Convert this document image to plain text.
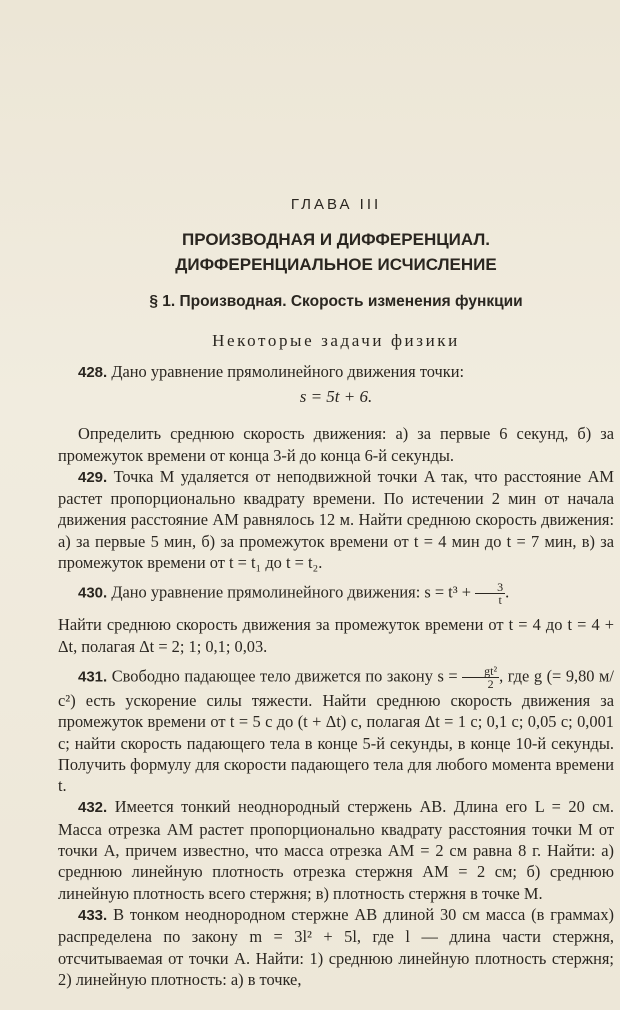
ГЛАВА III
ПРОИЗВОДНАЯ И ДИФФЕРЕНЦИАЛ.
ДИФФЕРЕНЦИАЛЬНОЕ ИСЧИСЛЕНИЕ
§ 1. Производная. Скорость изменения функции
Некоторые задачи физики

428. Дано уравнение прямолинейного движения точки:

s = 5t + 6.

Определить среднюю скорость движения: а) за первые 6 секунд, б) за промежуток времени от конца 3-й до конца 6-й секунды.

429. Точка M удаляется от неподвижной точки A так, что расстояние AM растет пропорционально квадрату времени. По истечении 2 мин от начала движения расстояние AM равнялось 12 м. Найти среднюю скорость движения: а) за первые 5 мин, б) за промежуток времени от t = 4 мин до t = 7 мин, в) за промежуток времени от t = t₁ до t = t₂.

430. Дано уравнение прямолинейного движения: $s = t^3 + \frac{3}{t}$ .

Найти среднюю скорость движения за промежуток времени от t = 4 до t = 4 + Δt, полагая Δt = 2; 1; 0,1; 0,03.

431. Свободно падающее тело движется по закону $s = \frac{\text{gt²}}{2}$ , где g (= 9,80 м/с²) есть ускорение силы тяжести. Найти среднюю скорость движения за промежуток времени от t = 5 с до (t + Δt) с, полагая Δt = 1 с; 0,1 с; 0,05 с; 0,001 с; найти скорость падающего тела в конце 5-й секунды, в конце 10-й секунды. Получить формулу для скорости падающего тела для любого момента времени t.

432. Имеется тонкий неоднородный стержень AB. Длина его L = 20 см. Масса отрезка AM растет пропорционально квадрату расстояния точки M от точки A, причем известно, что масса отрезка AM = 2 см равна 8 г. Найти: а) среднюю линейную плотность отрезка стержня AM = 2 см; б) среднюю линейную плотность всего стержня; в) плотность стержня в точке M.

433. В тонком неоднородном стержне AB длиной 30 см масса (в граммах) распределена по закону m = 3l² + 5l, где l — длина части стержня, отсчитываемая от точки A. Найти: 1) среднюю линейную плотность стержня; 2) линейную плотность: а) в точке,
